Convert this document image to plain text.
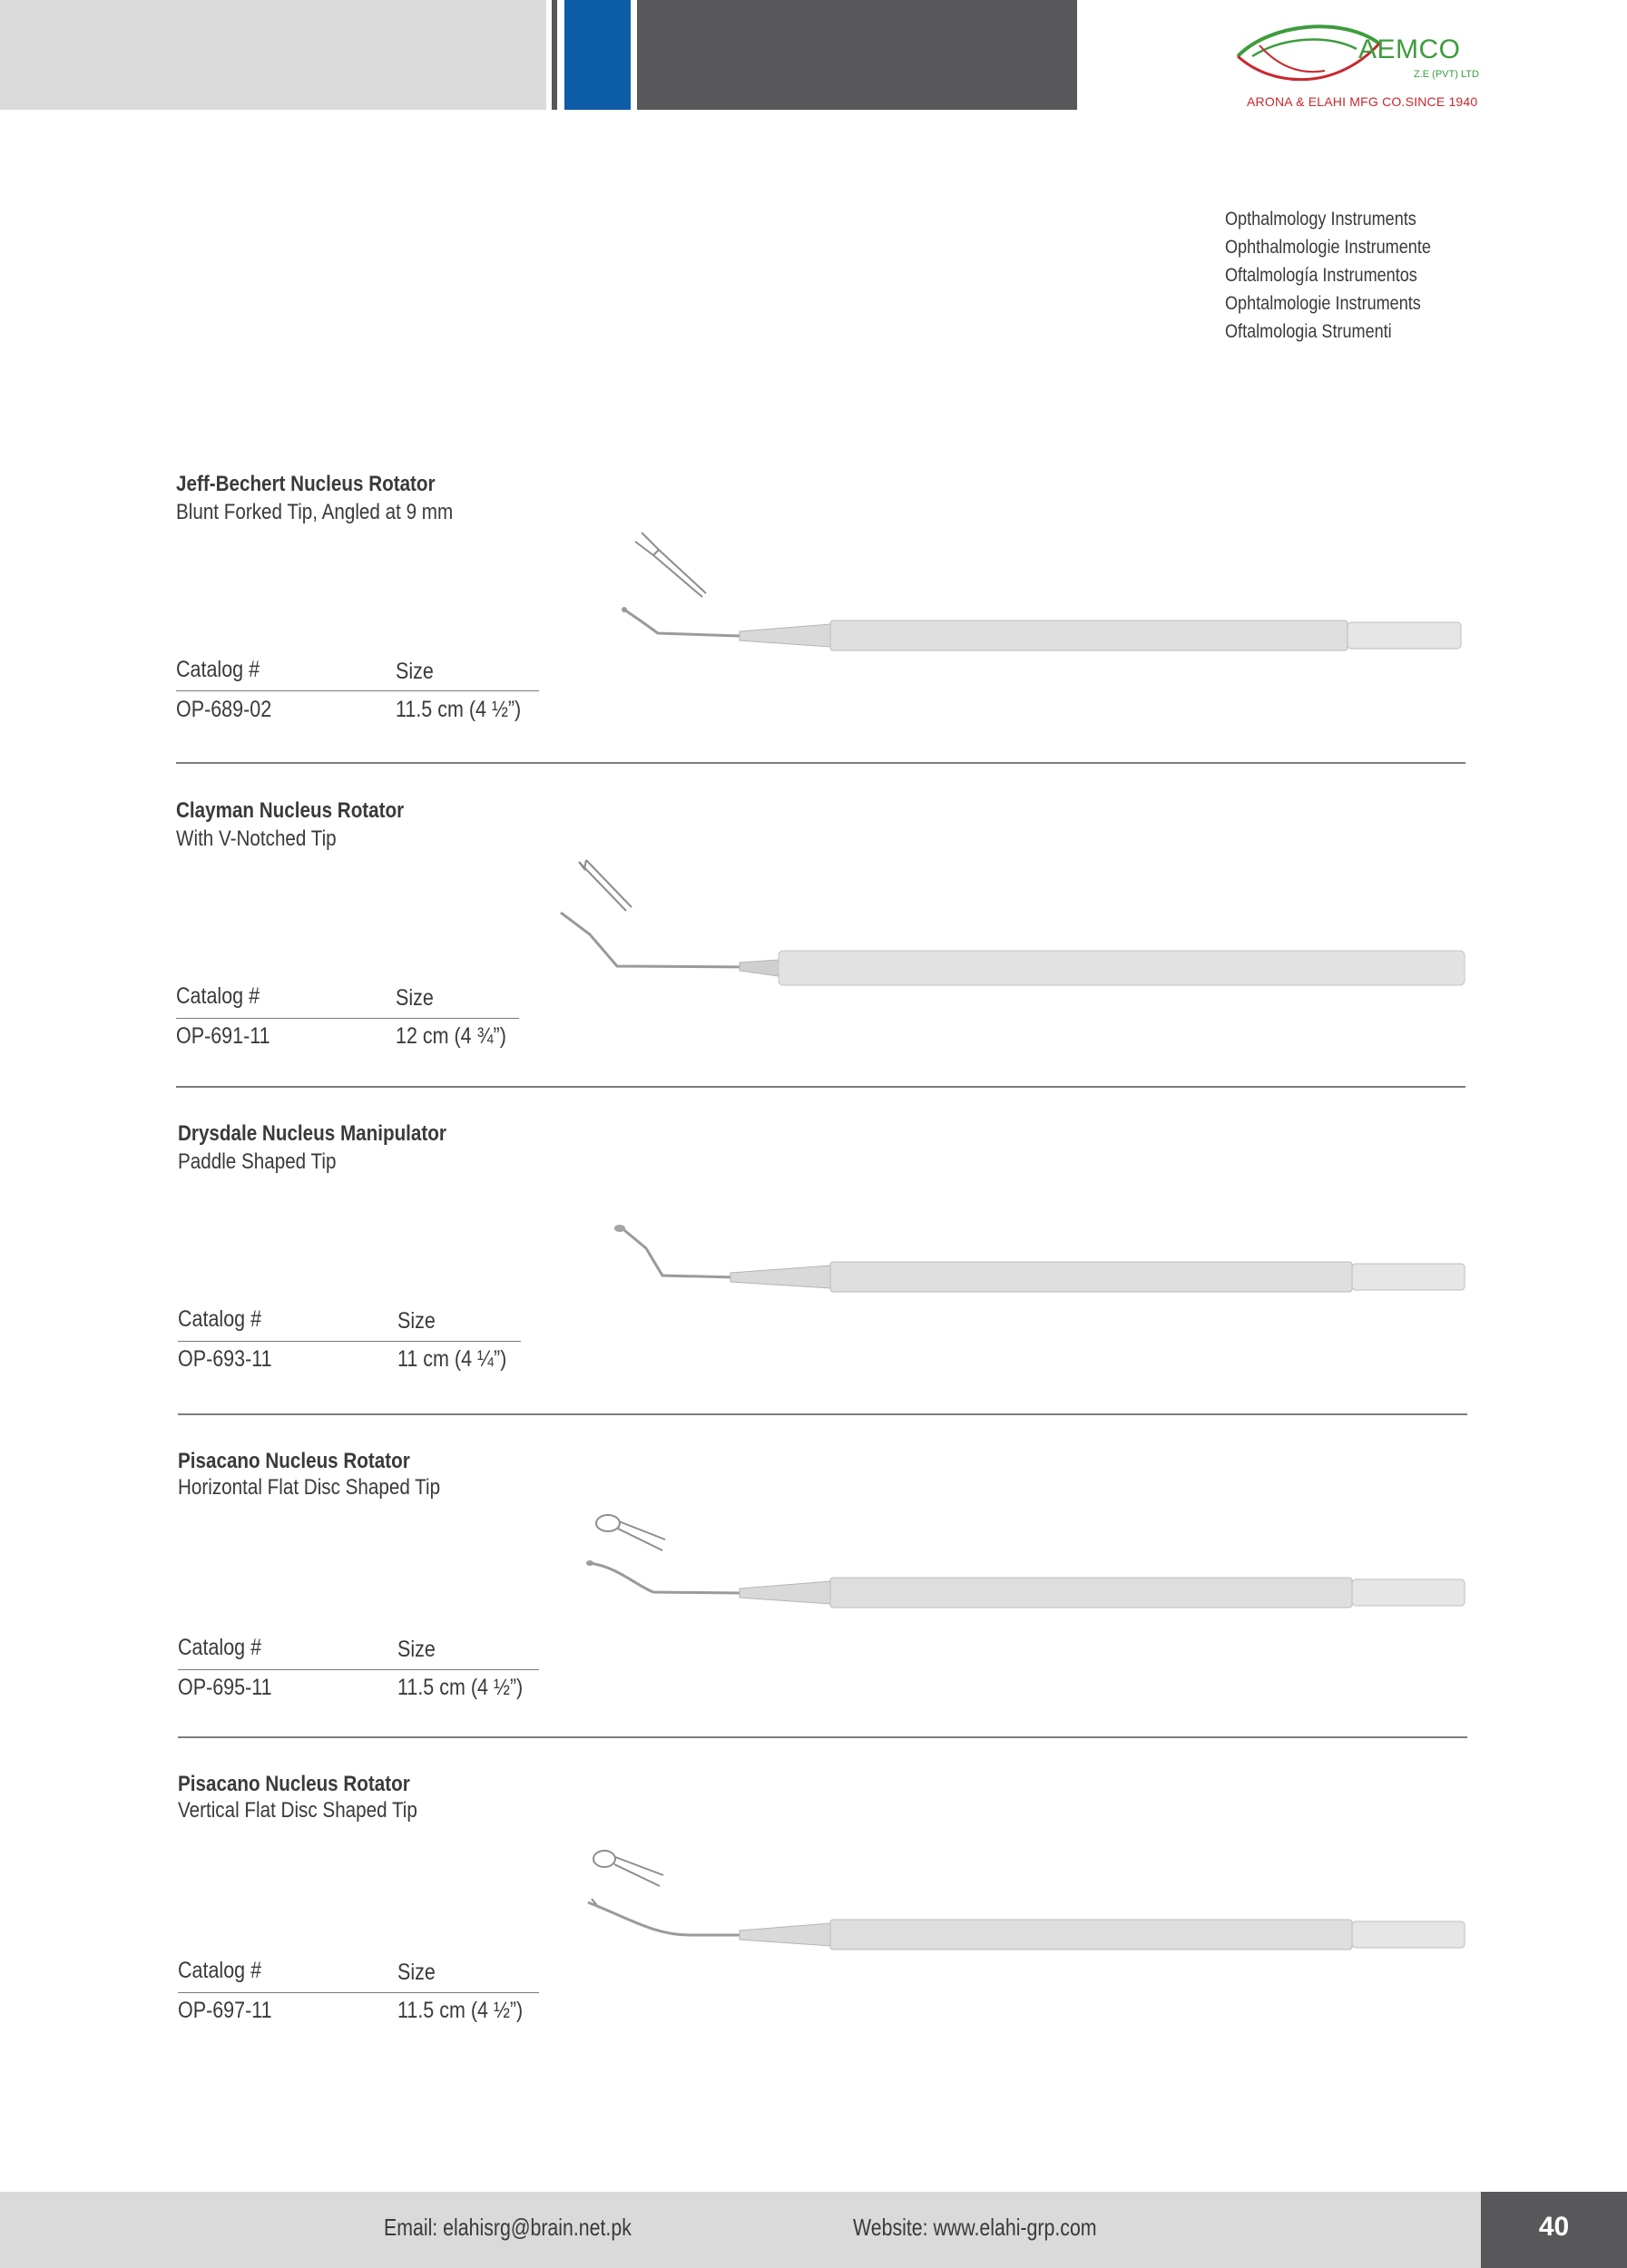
AEMCO
Z.E (PVT) LTD
ARONA & ELAHI MFG CO.SINCE 1940
Opthalmology Instruments
Ophthalmologie Instrumente
Oftalmología Instrumentos
Ophtalmologie Instruments
Oftalmologia Strumenti
Jeff-Bechert Nucleus Rotator
Blunt Forked Tip, Angled at 9 mm
Catalog #	Size
OP-689-02	11.5 cm (4 ½”)
Clayman Nucleus Rotator
With V-Notched Tip
Catalog #	Size
OP-691-11	12 cm (4 ¾”)
Drysdale Nucleus Manipulator
Paddle Shaped Tip
Catalog #	Size
OP-693-11	11 cm (4 ¼”)
Pisacano Nucleus Rotator
Horizontal Flat Disc Shaped Tip
Catalog #	Size
OP-695-11	11.5 cm (4 ½”)
Pisacano Nucleus Rotator
Vertical Flat Disc Shaped Tip
Catalog #	Size
OP-697-11	11.5 cm (4 ½”)
Email: elahisrg@brain.net.pk	Website: www.elahi-grp.com	40
